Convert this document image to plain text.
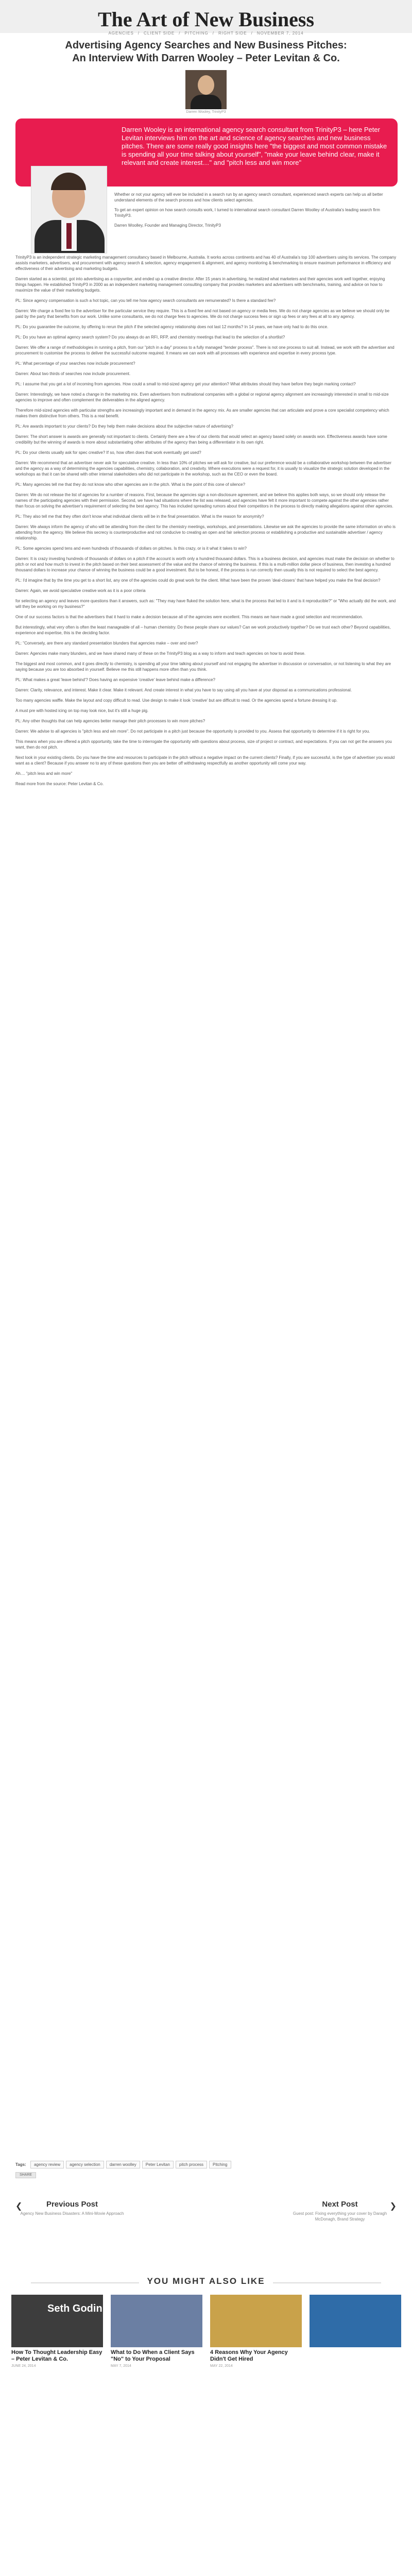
The Art of New Business
AGENCIES / CLIENT SIDE / PITCHING / RIGHT SIDE / NOVEMBER 7, 2014
Advertising Agency Searches and New Business Pitches:
An Interview With Darren Wooley – Peter Levitan & Co.
Darren Wooley, TrinityP3
Darren Wooley is an international agency search consultant from TrinityP3 – here Peter Levitan interviews him on the art and science of agency searches and new business pitches. There are some really good insights here "the biggest and most common mistake is spending all your time talking about yourself", "make your leave behind clear, make it relevant and create interest…" and "pitch less and win more"

Whether or not your agency will ever be included in a search run by an agency search consultant, experienced search experts can help us all better understand elements of the search process and how clients select agencies.

To get an expert opinion on how search consults work, I turned to international search consultant Darren Woolley of Australia's leading search firm TrinityP3.

Darren Woolley, Founder and Managing Director, TrinityP3

TrinityP3 is an independent strategic marketing management consultancy based in Melbourne, Australia. It works across continents and has 40 of Australia's top 100 advertisers using its services. The company assists marketers, advertisers, and procurement with agency search & selection, agency engagement & alignment, and agency monitoring & benchmarking to ensure maximum performance in efficiency and effectiveness of their advertising and marketing budgets.

Darren started as a scientist, got into advertising as a copywriter, and ended up a creative director. After 15 years in advertising, he realized what marketers and their agencies work well together, enjoying things happen. He established TrinityP3 in 2000 as an independent marketing management consulting company that provides marketers and advertisers with benchmarks, training, and advice on how to maximize the value of their marketing budgets.

PL: Since agency compensation is such a hot topic, can you tell me how agency search consultants are remunerated? Is there a standard fee?

Darren: We charge a fixed fee to the advertiser for the particular service they require. This is a fixed fee and not based on agency or media fees. We do not charge agencies as we believe we should only be paid by the party that benefits from our work. Unlike some consultants, we do not charge fees to agencies. We do not charge success fees or sign up fees or any fees at all to any agency.

PL: Do you guarantee the outcome, by offering to rerun the pitch if the selected agency relationship does not last 12 months? In 14 years, we have only had to do this once.

PL: Do you have an optimal agency search system? Do you always do an RFI, RFP, and chemistry meetings that lead to the selection of a shortlist?

Darren: We offer a range of methodologies in running a pitch, from our "pitch in a day" process to a fully managed "tender process". There is not one process to suit all. Instead, we work with the advertiser and procurement to customise the process to deliver the successful outcome required. It means we can work with all processes with experience and expertise in every process type.

PL: What percentage of your searches now include procurement?

Darren: About two thirds of searches now include procurement.

PL: I assume that you get a lot of incoming from agencies. How could a small to mid-sized agency get your attention? What attributes should they have before they begin marking contact?

Darren: Interestingly, we have noted a change in the marketing mix. Even advertisers from multinational companies with a global or regional agency alignment are increasingly interested in small to mid-size agencies to improve and often complement the deliverables in the aligned agency.

Therefore mid-sized agencies with particular strengths are increasingly important and in demand in the agency mix. As are smaller agencies that can articulate and prove a core specialist competency which makes them distinctive from others. This is a real benefit.

PL: Are awards important to your clients? Do they help them make decisions about the subjective nature of advertising?

Darren: The short answer is awards are generally not important to clients. Certainly there are a few of our clients that would select an agency based solely on awards won. Effectiveness awards have some credibility but the winning of awards is more about substantiating other attributes of the agency than being a differentiator in its own right.

PL: Do your clients usually ask for spec creative? If so, how often does that work eventually get used?

Darren: We recommend that an advertiser never ask for speculative creative. In less than 10% of pitches we will ask for creative, but our preference would be a collaborative workshop between the advertiser and the agency as a way of determining the agencies capabilities, chemistry, collaboration, and creativity. Where executions were a request for, it is usually to visualize the strategic solution developed in the workshops as that it can be shared with other internal stakeholders who did not participate in the workshop, such as the CEO or even the board.

PL: Many agencies tell me that they do not know who other agencies are in the pitch. What is the point of this cone of silence?

Darren: We do not release the list of agencies for a number of reasons. First, because the agencies sign a non-disclosure agreement, and we believe this applies both ways, so we should only release the names of the participating agencies with their permission. Second, we have had situations where the list was released, and agencies have felt it more important to compete against the other agencies rather than focus on solving the advertiser's requirement of selecting the best agency. This has included spreading rumors about their competitors in the process to directly making allegations against other agencies.

PL: They also tell me that they often don't know what individual clients will be in the final presentation. What is the reason for anonymity?

Darren: We always inform the agency of who will be attending from the client for the chemistry meetings, workshops, and presentations. Likewise we ask the agencies to provide the same information on who is attending from the agency. We believe this secrecy is counterproductive and not conducive to creating an open and fair selection process or establishing a productive and sustainable advertiser / agency relationship.

PL: Some agencies spend tens and even hundreds of thousands of dollars on pitches. Is this crazy, or is it what it takes to win?

Darren: It is crazy investing hundreds of thousands of dollars on a pitch if the account is worth only a hundred thousand dollars. This is a business decision, and agencies must make the decision on whether to pitch or not and how much to invest in the pitch based on their best assessment of the value and the chance of winning the business. If this is a multi-million dollar piece of business, then investing a hundred thousand dollars to increase your chance of winning the business could be a good investment. But to be honest, if the process is run correctly then usually this is not required to select the best agency.

PL: I'd imagine that by the time you get to a short list, any one of the agencies could do great work for the client. What have been the proven 'deal-closers' that have helped you make the final decision?

Darren: Again, we avoid speculative creative work as it is a poor criteria

for selecting an agency and leaves more questions than it answers, such as: "They may have fluked the solution here, what is the process that led to it and is it reproducible?" or "Who actually did the work, and will they be working on my business?"

One of our success factors is that the advertisers that it hard to make a decision because all of the agencies were excellent. This means we have made a good selection and recommendation.

But interestingly, what very often is often the least manageable of all – human chemistry. Do these people share our values? Can we work productively together? Do we trust each other? Beyond capabilities, experience and expertise, this is the deciding factor.

PL: "Conversely, are there any standard presentation blunders that agencies make – over and over?

Darren: Agencies make many blunders, and we have shared many of these on the TrinityP3 blog as a way to inform and teach agencies on how to avoid these.

The biggest and most common, and it goes directly to chemistry, is spending all your time talking about yourself and not engaging the advertiser in discussion or conversation, or not listening to what they are saying because you are too absorbed in yourself. Believe me this still happens more often than you think.

PL: What makes a great 'leave behind'? Does having an expensive 'creative' leave behind make a difference?

Darren: Clarity, relevance, and interest. Make it clear. Make it relevant. And create interest in what you have to say using all you have at your disposal as a communications professional.

Too many agencies waffle. Make the layout and copy difficult to read. Use design to make it look 'creative' but are difficult to read. Or the agencies spend a fortune dressing it up.

A must pre with hosted icing on top may look nice, but it's still a huge pig.

PL: Any other thoughts that can help agencies better manage their pitch processes to win more pitches?

Darren: We advise to all agencies is "pitch less and win more". Do not participate in a pitch just because the opportunity is provided to you. Assess that opportunity to determine if it is right for you.

This means when you are offered a pitch opportunity, take the time to interrogate the opportunity with questions about process, size of project or contract, and expectations. If you can not get the answers you want, then do not pitch.

Next look in your existing clients. Do you have the time and resources to participate in the pitch without a negative impact on the current clients? Finally, if you are successful, is the type of advertiser you would want as a client? Because if you answer no to any of these questions then you are better off withdrawing respectfully as another opportunity will come your way.

Ah.... "pitch less and win more"

Read more from the source: Peter Levitan & Co.

Tags: agency review agency selection darren woolley Peter Levitan pitch process Pitching
SHARE
❮	Previous Post
Agency New Business Disasters: A Mini-Movie Approach
❯
Next Post
Guest post: Fixing everything your cover by Daragh McDonagh, Brand Strategy
YOU MIGHT ALSO LIKE
Seth Godin
How To Thought Leadership Easy – Peter Levitan & Co.
JUNE 24, 2014
What to Do When a Client Says "No" to Your Proposal
MAY 7, 2014
4 Reasons Why Your Agency Didn't Get Hired
MAY 22, 2014
